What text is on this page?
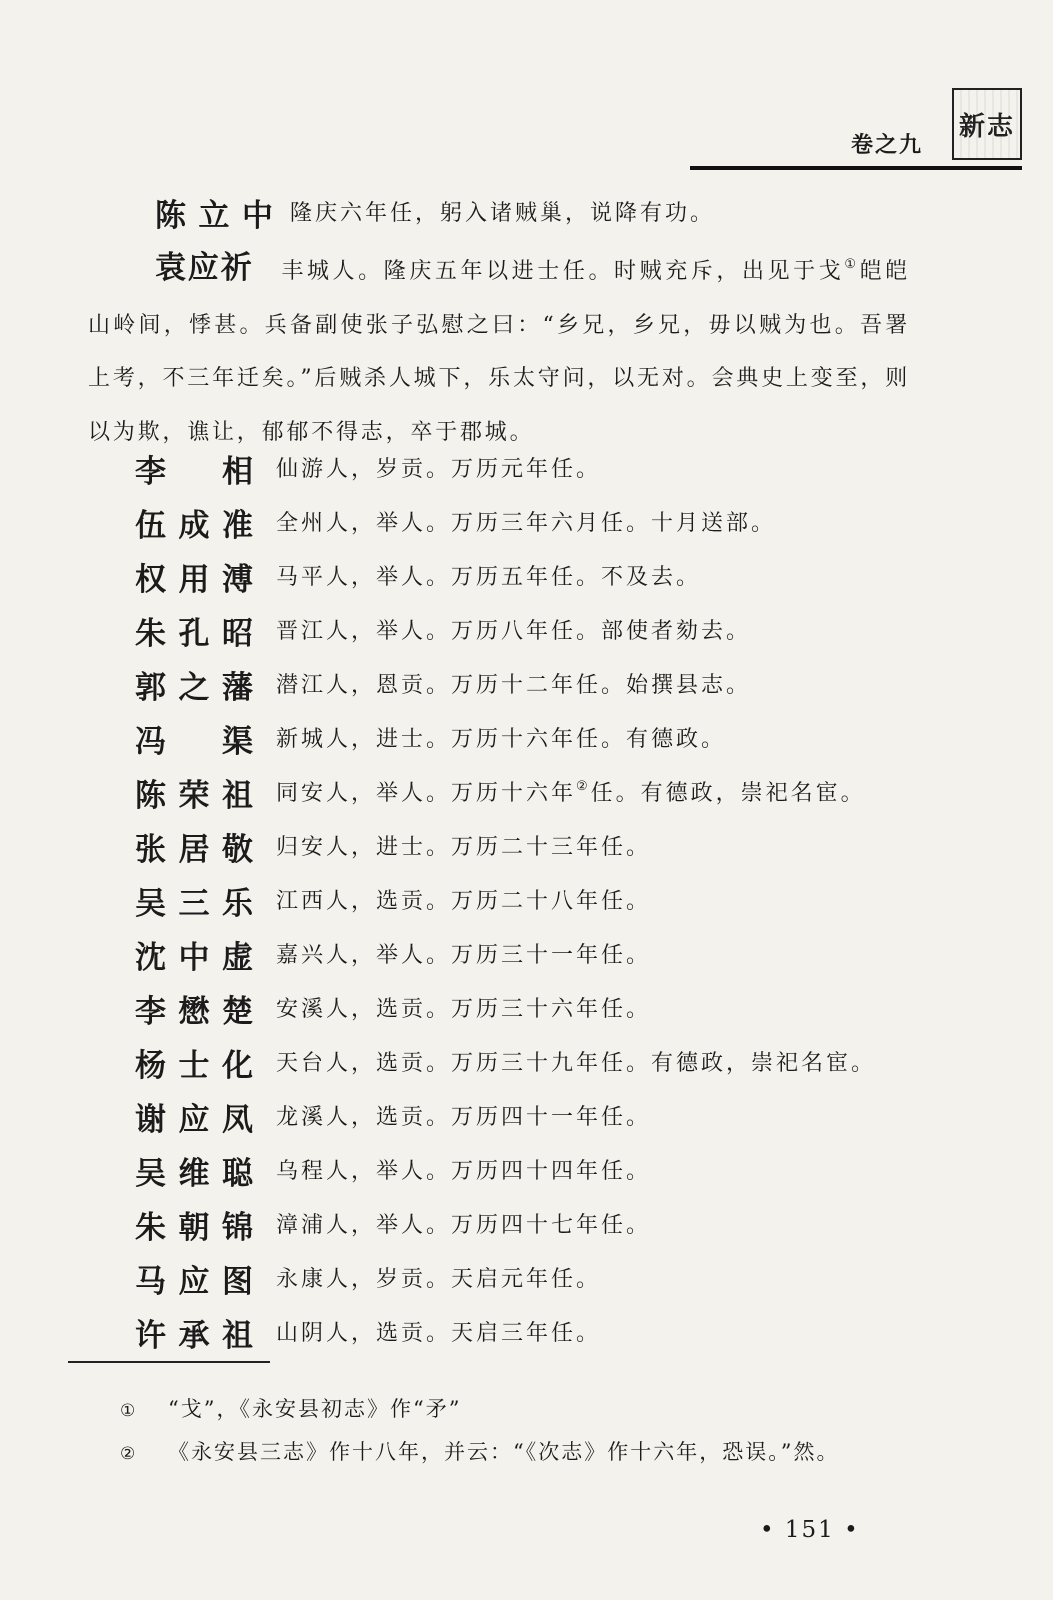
新志
卷之九
陈立中 隆庆六年任，躬入诸贼巢，说降有功。
袁应祈 丰城人。隆庆五年以进士任。时贼充斥，出见于戈①皑皑山岭间，悸甚。兵备副使张子弘慰之曰：“乡兄，乡兄，毋以贼为也。吾署上考，不三年迁矣。”后贼杀人城下，乐太守问，以无对。会典史上变至，则以为欺，谯让，郁郁不得志，卒于郡城。
李　相 仙游人，岁贡。万历元年任。
伍成准 全州人，举人。万历三年六月任。十月送部。
权用溥 马平人，举人。万历五年任。不及去。
朱孔昭 晋江人，举人。万历八年任。部使者劾去。
郭之藩 潜江人，恩贡。万历十二年任。始撰县志。
冯　渠 新城人，进士。万历十六年任。有德政。
陈荣祖 同安人，举人。万历十六年②任。有德政，崇祀名宦。
张居敬 归安人，进士。万历二十三年任。
吴三乐 江西人，选贡。万历二十八年任。
沈中虚 嘉兴人，举人。万历三十一年任。
李懋楚 安溪人，选贡。万历三十六年任。
杨士化 天台人，选贡。万历三十九年任。有德政，崇祀名宦。
谢应凤 龙溪人，选贡。万历四十一年任。
吴维聪 乌程人，举人。万历四十四年任。
朱朝锦 漳浦人，举人。万历四十七年任。
马应图 永康人，岁贡。天启元年任。
许承祖 山阴人，选贡。天启三年任。
① “戈”，《永安县初志》作“矛”
② 《永安县三志》作十八年，并云：“《次志》作十六年，恐误。”然。
• 151 •
